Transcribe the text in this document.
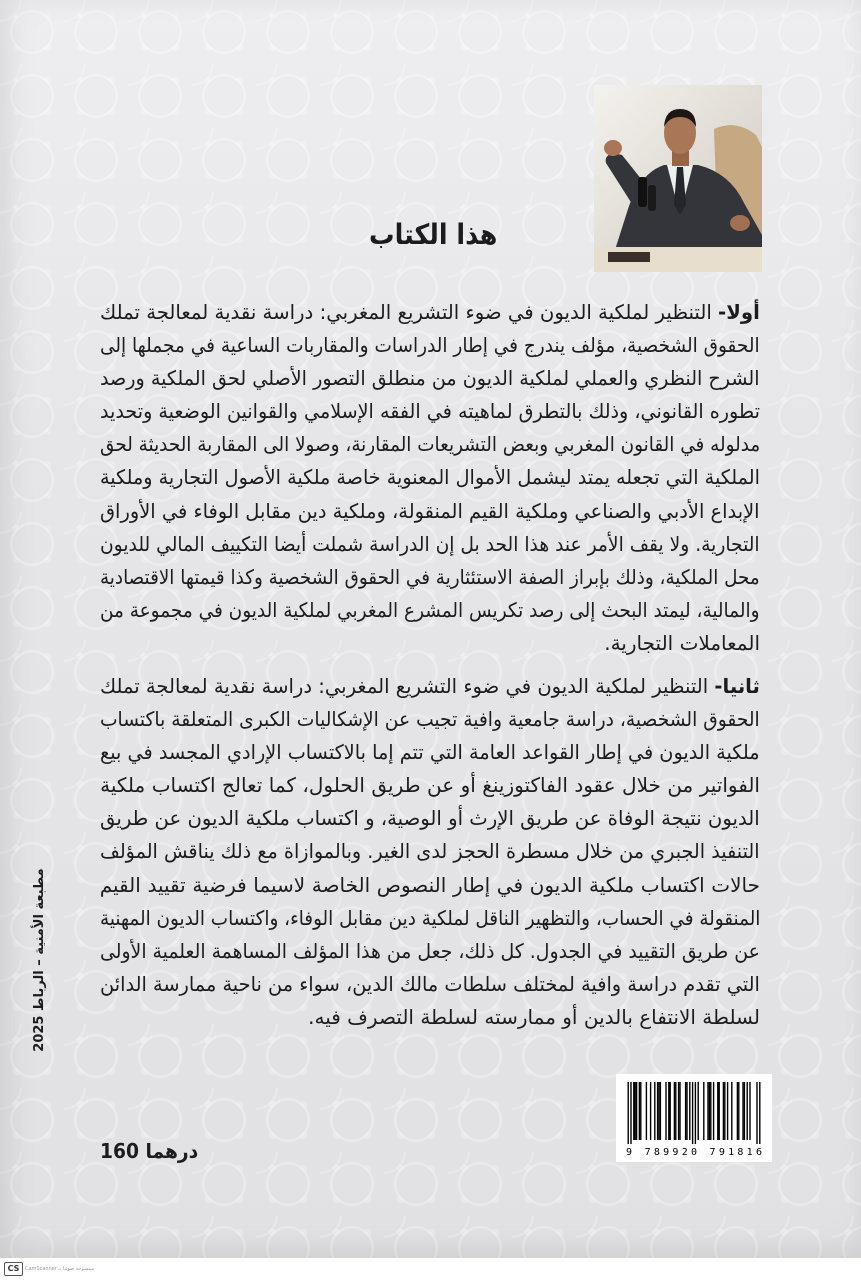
هذا الكتاب
أولا- التنظير لملكية الديون في ضوء التشريع المغربي: دراسة نقدية لمعالجة تملك
الحقوق الشخصية، مؤلف يندرج في إطار الدراسات والمقاربات الساعية في مجملها إلى
الشرح النظري والعملي لملكية الديون من منطلق التصور الأصلي لحق الملكية ورصد
تطوره القانوني، وذلك بالتطرق لماهيته في الفقه الإسلامي والقوانين الوضعية وتحديد
مدلوله في القانون المغربي وبعض التشريعات المقارنة، وصولا الى المقاربة الحديثة لحق
الملكية التي تجعله يمتد ليشمل الأموال المعنوية خاصة ملكية الأصول التجارية وملكية
الإبداع الأدبي والصناعي وملكية القيم المنقولة، وملكية دين مقابل الوفاء في الأوراق
التجارية. ولا يقف الأمر عند هذا الحد بل إن الدراسة شملت أيضا التكييف المالي للديون
محل الملكية، وذلك بإبراز الصفة الاستئثارية في الحقوق الشخصية وكذا قيمتها الاقتصادية
والمالية، ليمتد البحث إلى رصد تكريس المشرع المغربي لملكية الديون في مجموعة من
المعاملات التجارية.
ثانيا- التنظير لملكية الديون في ضوء التشريع المغربي: دراسة نقدية لمعالجة تملك
الحقوق الشخصية، دراسة جامعية وافية تجيب عن الإشكاليات الكبرى المتعلقة باكتساب
ملكية الديون في إطار القواعد العامة التي تتم إما بالاكتساب الإرادي المجسد في بيع
الفواتير من خلال عقود الفاكتوزينغ أو عن طريق الحلول، كما تعالج اكتساب ملكية
الديون نتيجة الوفاة عن طريق الإرث أو الوصية، و اكتساب ملكية الديون عن طريق
التنفيذ الجبري من خلال مسطرة الحجز لدى الغير. وبالموازاة مع ذلك يناقش المؤلف
حالات اكتساب ملكية الديون في إطار النصوص الخاصة لاسيما فرضية تقييد القيم
المنقولة في الحساب، والتظهير الناقل لملكية دين مقابل الوفاء، واكتساب الديون المهنية
عن طريق التقييد في الجدول. كل ذلك، جعل من هذا المؤلف المساهمة العلمية الأولى
التي تقدم دراسة وافية لمختلف سلطات مالك الدين، سواء من ناحية ممارسة الدائن
لسلطة الانتفاع بالدين أو ممارسته لسلطة التصرف فيه.
مطبعة الأمنية – الرباط 2025
9 789920 791816
160 درهما
CS	ممسوحة ضوئيا بـ CamScanner
